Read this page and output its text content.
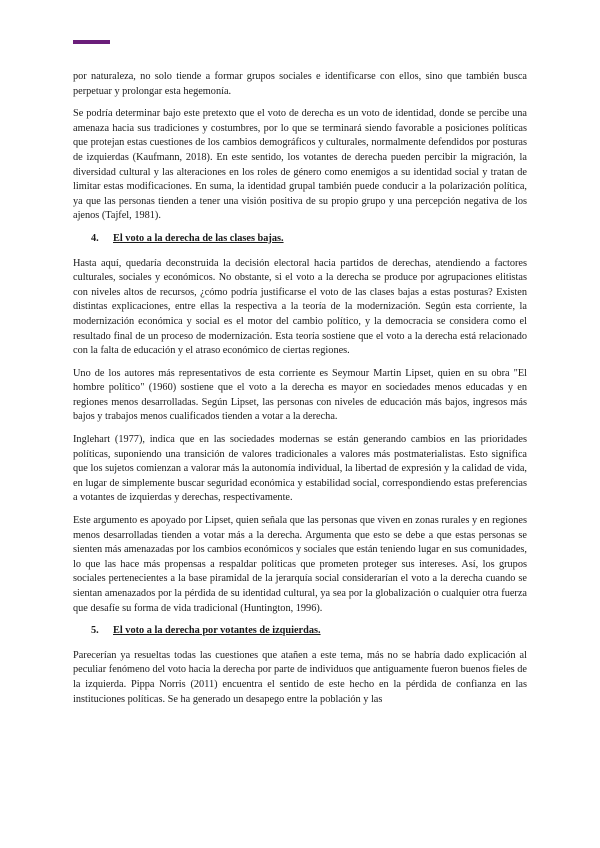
por naturaleza, no solo tiende a formar grupos sociales e identificarse con ellos, sino que también busca perpetuar y prolongar esta hegemonía.

Se podría determinar bajo este pretexto que el voto de derecha es un voto de identidad, donde se percibe una amenaza hacia sus tradiciones y costumbres, por lo que se terminará siendo favorable a posiciones políticas que protejan estas cuestiones de los cambios demográficos y culturales, normalmente defendidos por posturas de izquierdas (Kaufmann, 2018). En este sentido, los votantes de derecha pueden percibir la migración, la diversidad cultural y las alteraciones en los roles de género como enemigos a su identidad social y tratan de limitar estas modificaciones. En suma, la identidad grupal también puede conducir a la polarización política, ya que las personas tienden a tener una visión positiva de su propio grupo y una percepción negativa de los ajenos (Tajfel, 1981).

4. El voto a la derecha de las clases bajas.

Hasta aquí, quedaría deconstruida la decisión electoral hacia partidos de derechas, atendiendo a factores culturales, sociales y económicos. No obstante, si el voto a la derecha se produce por agrupaciones elitistas con niveles altos de recursos, ¿cómo podría justificarse el voto de las clases bajas a estas posturas? Existen distintas explicaciones, entre ellas la respectiva a la teoría de la modernización. Según esta corriente, la modernización económica y social es el motor del cambio político, y la democracia se considera como el resultado final de un proceso de modernización. Esta teoría sostiene que el voto a la derecha está relacionado con la falta de educación y el atraso económico de ciertas regiones.

Uno de los autores más representativos de esta corriente es Seymour Martin Lipset, quien en su obra "El hombre político" (1960) sostiene que el voto a la derecha es mayor en sociedades menos educadas y en regiones menos desarrolladas. Según Lipset, las personas con niveles de educación más bajos, ingresos más bajos y trabajos menos cualificados tienden a votar a la derecha.

Inglehart (1977), indica que en las sociedades modernas se están generando cambios en las prioridades políticas, suponiendo una transición de valores tradicionales a valores más postmaterialistas. Esto significa que los sujetos comienzan a valorar más la autonomía individual, la libertad de expresión y la calidad de vida, en lugar de simplemente buscar seguridad económica y estabilidad social, correspondiendo estas preferencias a votantes de izquierdas y derechas, respectivamente.

Este argumento es apoyado por Lipset, quien señala que las personas que viven en zonas rurales y en regiones menos desarrolladas tienden a votar más a la derecha. Argumenta que esto se debe a que estas personas se sienten más amenazadas por los cambios económicos y sociales que están teniendo lugar en sus comunidades, lo que las hace más propensas a respaldar políticas que prometen proteger sus intereses. Así, los grupos sociales pertenecientes a la base piramidal de la jerarquía social considerarían el voto a la derecha cuando se sientan amenazados por la pérdida de su identidad cultural, ya sea por la globalización o cualquier otra fuerza que desafíe su forma de vida tradicional (Huntington, 1996).

5. El voto a la derecha por votantes de izquierdas.

Parecerían ya resueltas todas las cuestiones que atañen a este tema, más no se habría dado explicación al peculiar fenómeno del voto hacia la derecha por parte de individuos que antiguamente fueron buenos fieles de la izquierda. Pippa Norris (2011) encuentra el sentido de este hecho en la pérdida de confianza en las instituciones políticas. Se ha generado un desapego entre la población y las
